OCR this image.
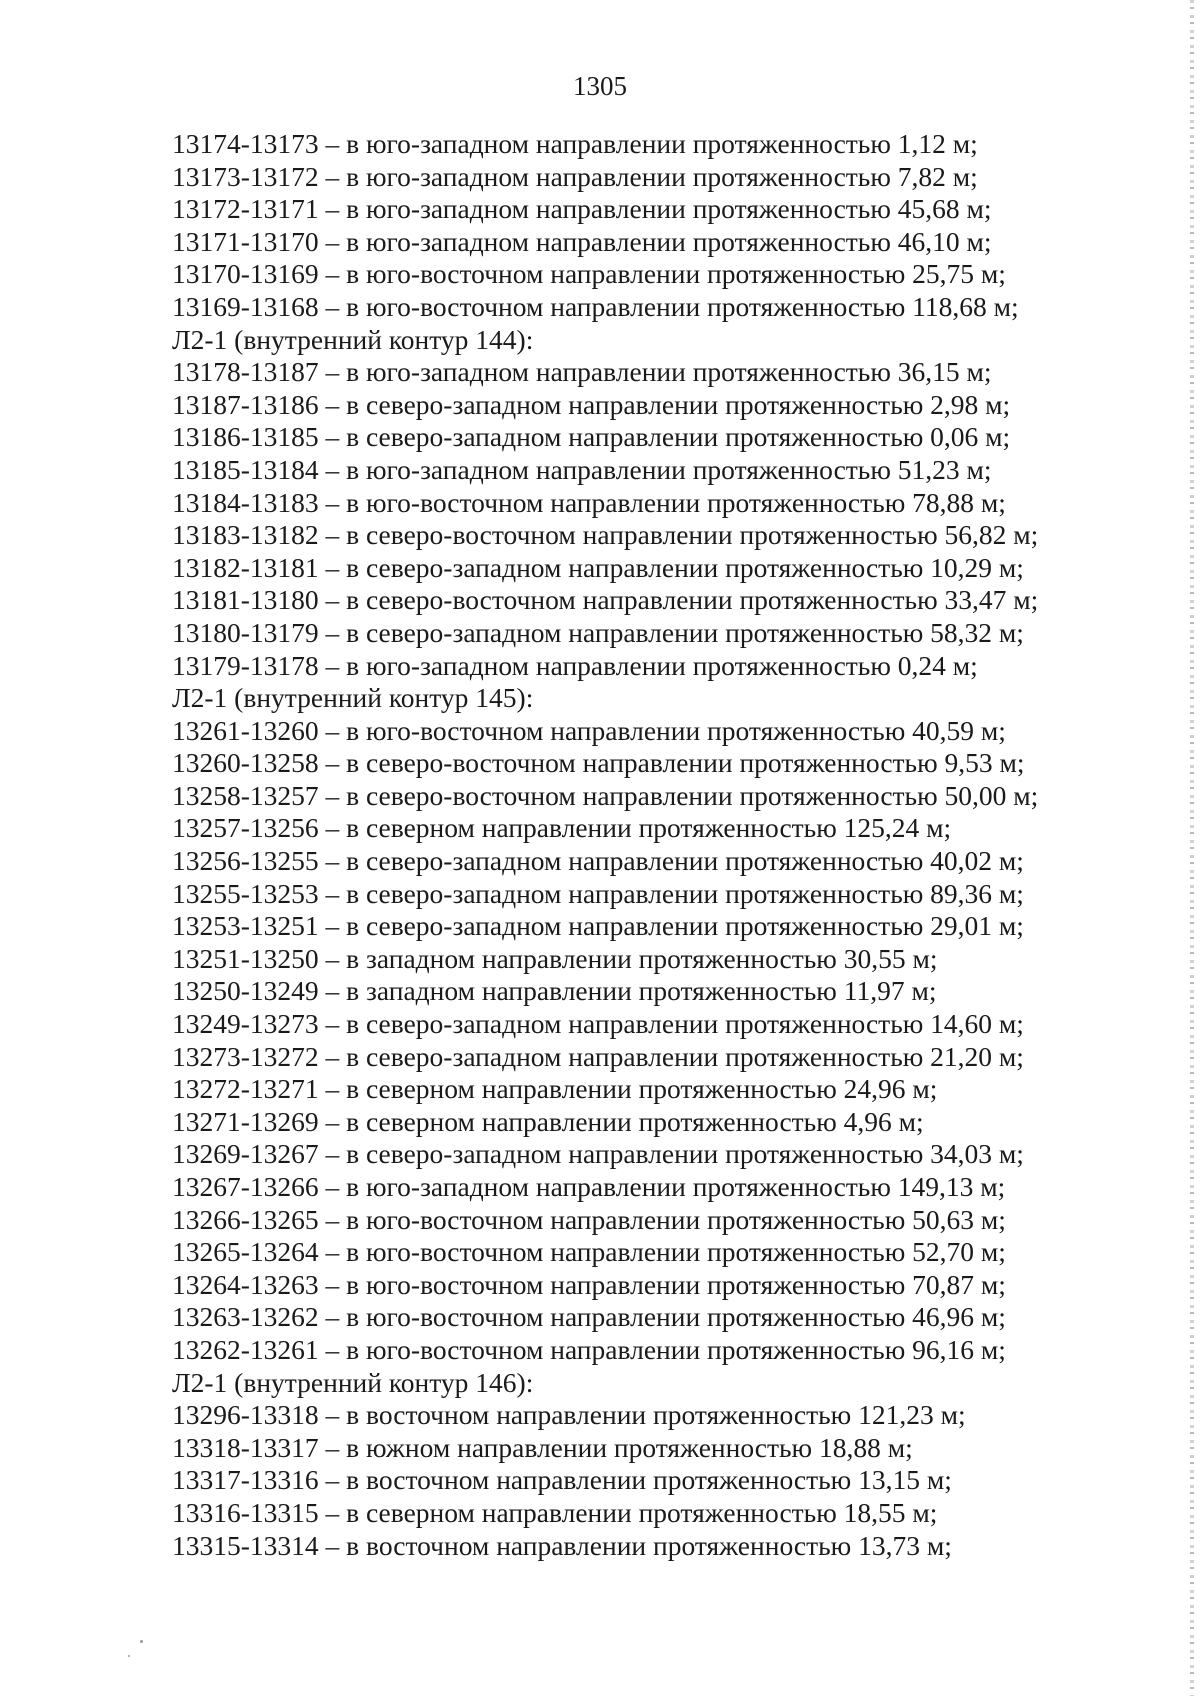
1305
13174-13173 – в юго-западном направлении протяженностью 1,12 м;
13173-13172 – в юго-западном направлении протяженностью 7,82 м;
13172-13171 – в юго-западном направлении протяженностью 45,68 м;
13171-13170 – в юго-западном направлении протяженностью 46,10 м;
13170-13169 – в юго-восточном направлении протяженностью 25,75 м;
13169-13168 – в юго-восточном направлении протяженностью 118,68 м;
Л2-1 (внутренний контур 144):
13178-13187 – в юго-западном направлении протяженностью 36,15 м;
13187-13186 – в северо-западном направлении протяженностью 2,98 м;
13186-13185 – в северо-западном направлении протяженностью 0,06 м;
13185-13184 – в юго-западном направлении протяженностью 51,23 м;
13184-13183 – в юго-восточном направлении протяженностью 78,88 м;
13183-13182 – в северо-восточном направлении протяженностью 56,82 м;
13182-13181 – в северо-западном направлении протяженностью 10,29 м;
13181-13180 – в северо-восточном направлении протяженностью 33,47 м;
13180-13179 – в северо-западном направлении протяженностью 58,32 м;
13179-13178 – в юго-западном направлении протяженностью 0,24 м;
Л2-1 (внутренний контур 145):
13261-13260 – в юго-восточном направлении протяженностью 40,59 м;
13260-13258 – в северо-восточном направлении протяженностью 9,53 м;
13258-13257 – в северо-восточном направлении протяженностью 50,00 м;
13257-13256 – в северном направлении протяженностью 125,24 м;
13256-13255 – в северо-западном направлении протяженностью 40,02 м;
13255-13253 – в северо-западном направлении протяженностью 89,36 м;
13253-13251 – в северо-западном направлении протяженностью 29,01 м;
13251-13250 – в западном направлении протяженностью 30,55 м;
13250-13249 – в западном направлении протяженностью 11,97 м;
13249-13273 – в северо-западном направлении протяженностью 14,60 м;
13273-13272 – в северо-западном направлении протяженностью 21,20 м;
13272-13271 – в северном направлении протяженностью 24,96 м;
13271-13269 – в северном направлении протяженностью 4,96 м;
13269-13267 – в северо-западном направлении протяженностью 34,03 м;
13267-13266 – в юго-западном направлении протяженностью 149,13 м;
13266-13265 – в юго-восточном направлении протяженностью 50,63 м;
13265-13264 – в юго-восточном направлении протяженностью 52,70 м;
13264-13263 – в юго-восточном направлении протяженностью 70,87 м;
13263-13262 – в юго-восточном направлении протяженностью 46,96 м;
13262-13261 – в юго-восточном направлении протяженностью 96,16 м;
Л2-1 (внутренний контур 146):
13296-13318 – в восточном направлении протяженностью 121,23 м;
13318-13317 – в южном направлении протяженностью 18,88 м;
13317-13316 – в восточном направлении протяженностью 13,15 м;
13316-13315 – в северном направлении протяженностью 18,55 м;
13315-13314 – в восточном направлении протяженностью 13,73 м;
